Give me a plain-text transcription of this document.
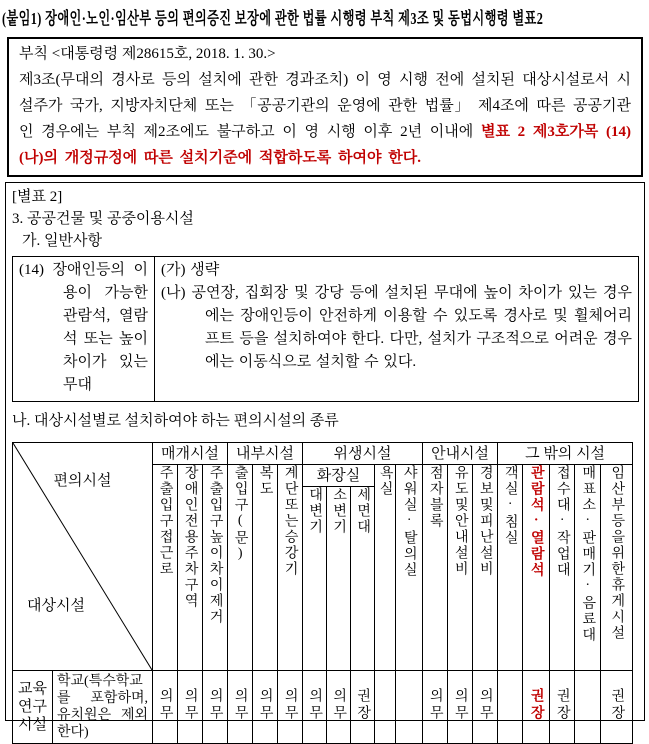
(붙임1) 장애인·노인·임산부 등의 편의증진 보장에 관한 법률 시행령 부칙 제3조 및 동법시행령 별표2
부칙 <대통령령 제28615호, 2018. 1. 30.>
제3조(무대의 경사로 등의 설치에 관한 경과조치) 이 영 시행 전에 설치된 대상시설로서 시설주가 국가, 지방자치단체 또는 「공공기관의 운영에 관한 법률」 제4조에 따른 공공기관인 경우에는 부칙 제2조에도 불구하고 이 영 시행 이후 2년 이내에 별표 2 제3호가목 (14)(나)의 개정규정에 따른 설치기준에 적합하도록 하여야 한다.
[별표 2]
3. 공공건물 및 공중이용시설
가. 일반사항
(14) 장애인등의 이용이 가능한 관람석, 열람석 또는 높이 차이가 있는 무대

(가) 생략
(나) 공연장, 집회장 및 강당 등에 설치된 무대에 높이 차이가 있는 경우에는 장애인등이 안전하게 이용할 수 있도록 경사로 및 휠체어리프트 등을 설치하여야 한다. 다만, 설치가 구조적으로 어려운 경우에는 이동식으로 설치할 수 있다.
나. 대상시설별로 설치하여야 하는 편의시설의 종류
편의시설
대상시설		매개시설			내부시설			위생시설					안내시설			그 밖의 시설				
		주출입구접근로	장애인전용주차구역	주출입구높이차이제거	출입구(문)	복도	계단또는승강기	화장실			욕실	샤워실·탈의실	점자블록	유도및안내설비	경보및피난설비	객실·침실	관람석·열람석	접수대·작업대	매표소·판매기·음료대	임산부등을위한휴게시설
								대변기	소변기	세면대										
교육연구시설	학교(특수학교를 포함하며, 유치원은 제외한다)	의무	의무	의무	의무	의무	의무	의무	의무	권장			의무	의무	의무		권장	권장		권장
